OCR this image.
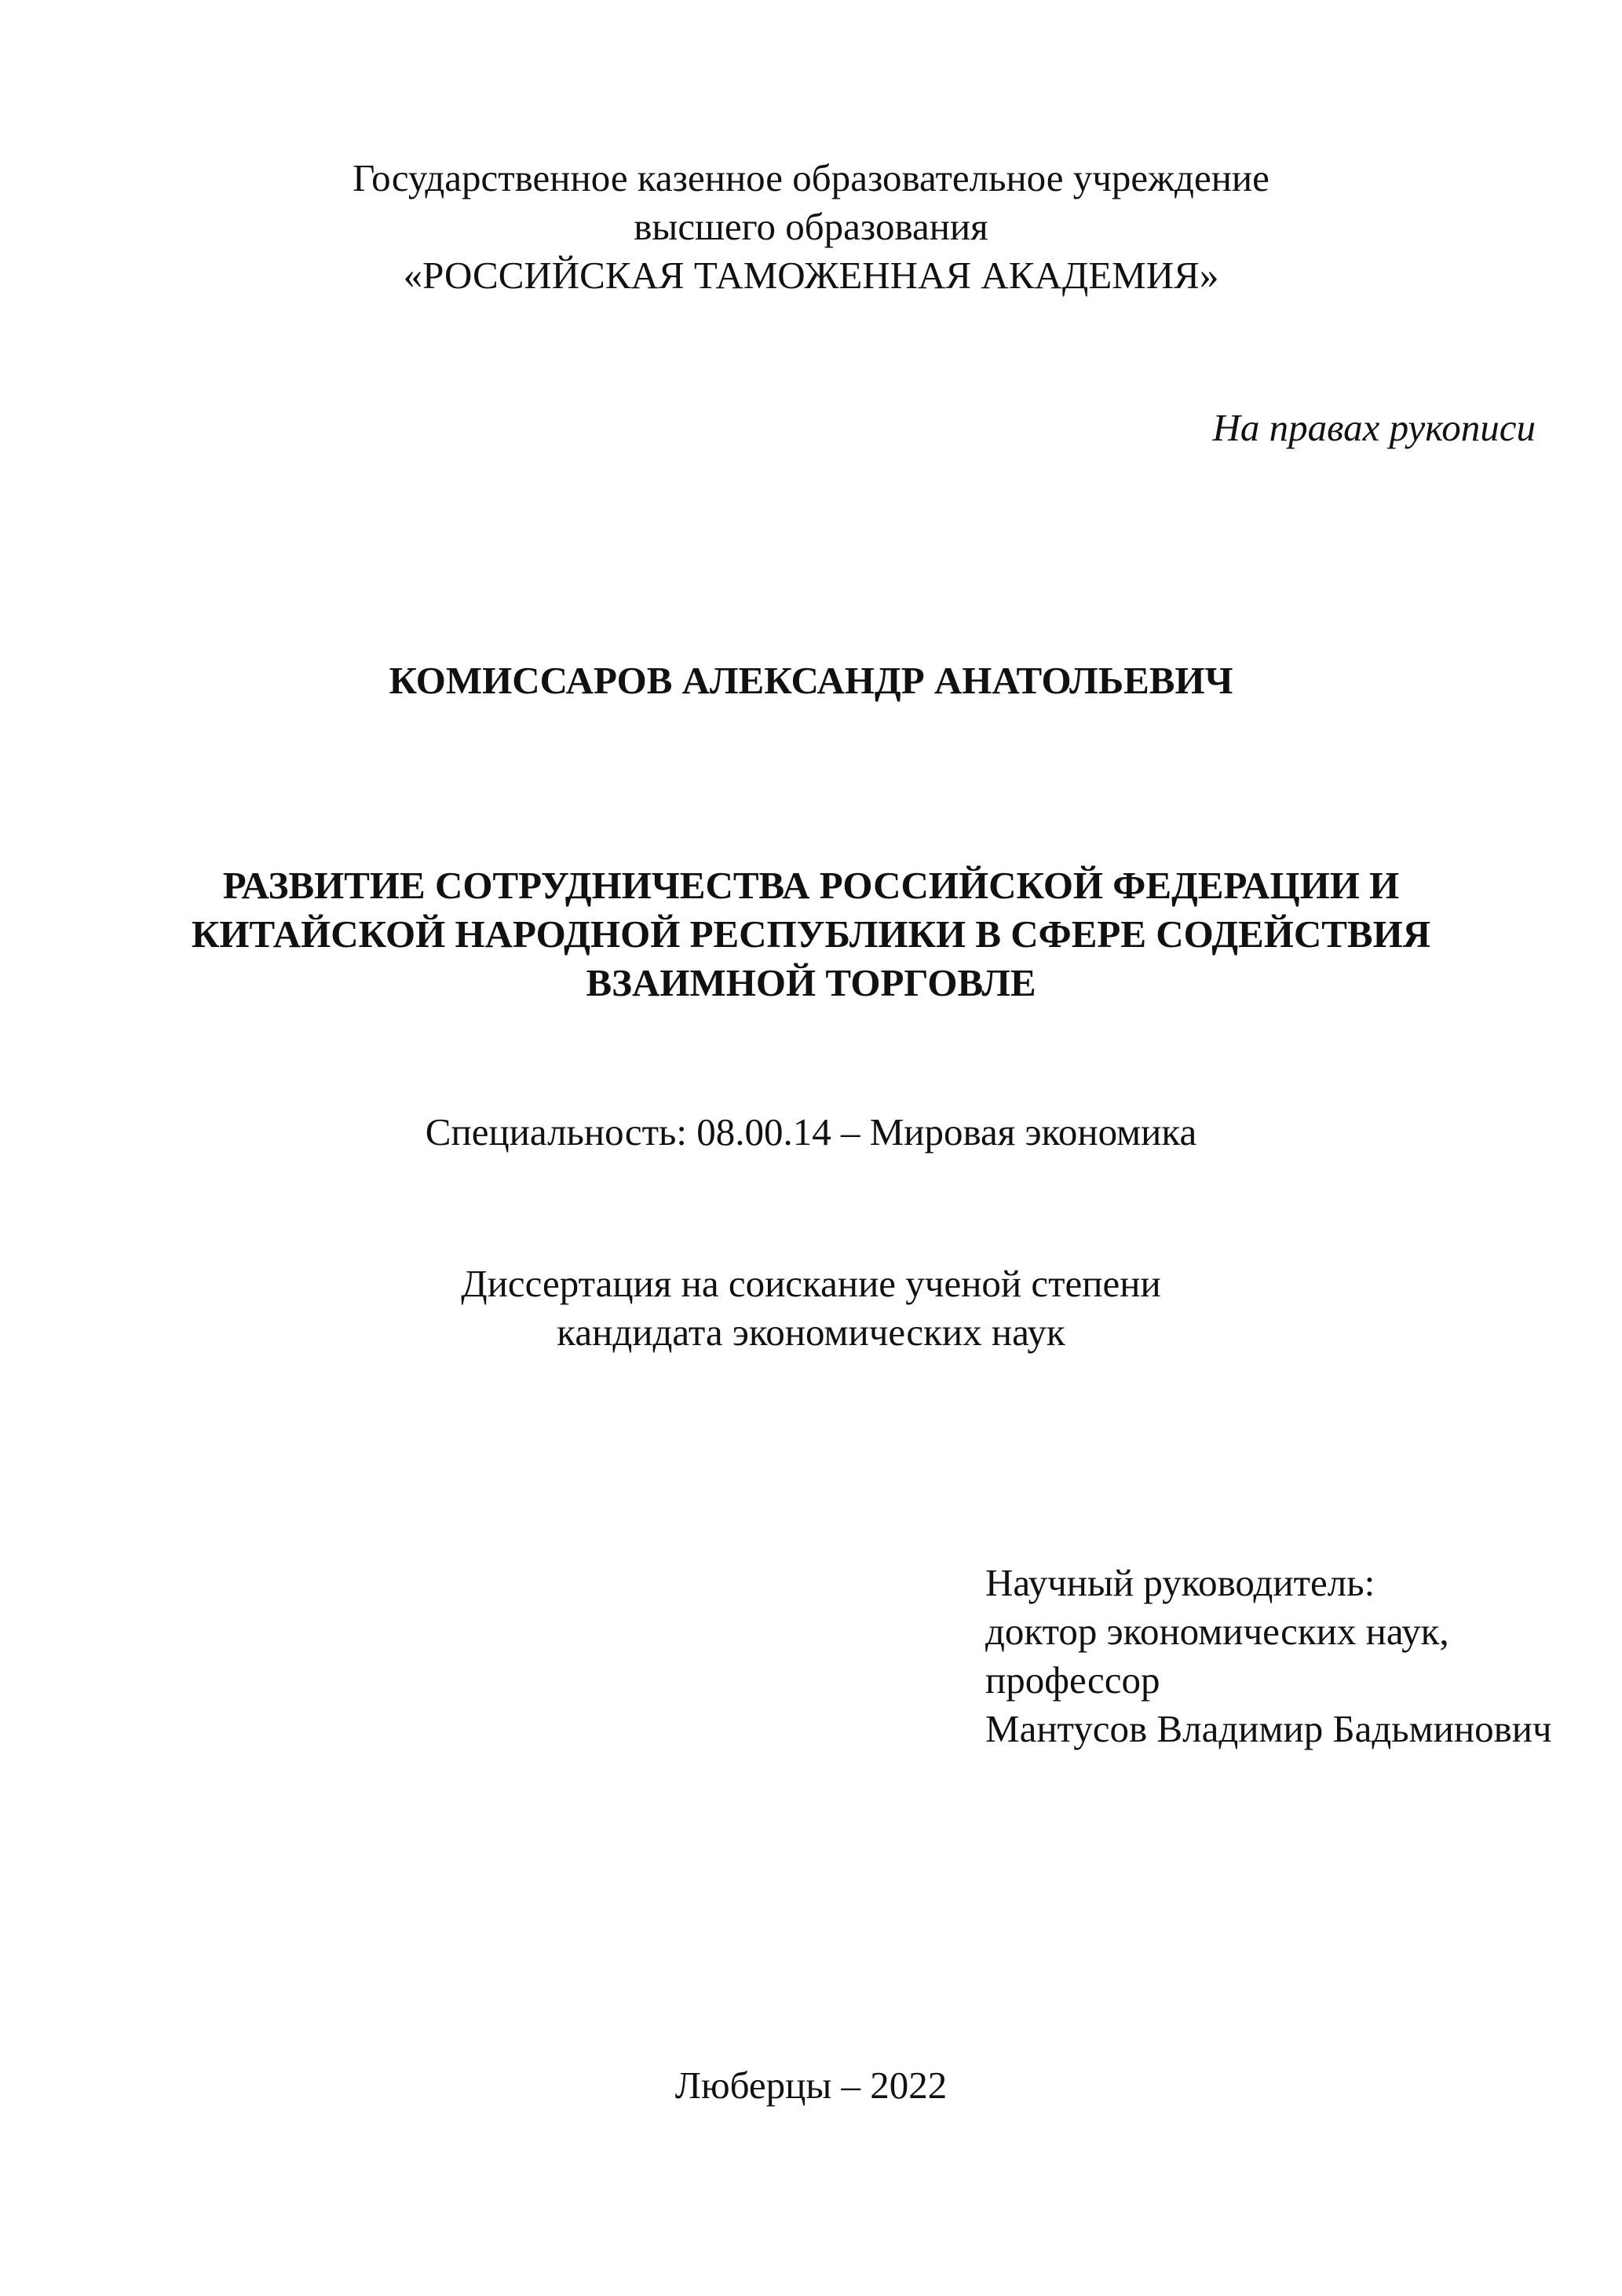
Государственное казенное образовательное учреждение
высшего образования
«РОССИЙСКАЯ ТАМОЖЕННАЯ АКАДЕМИЯ»
На правах рукописи
КОМИССАРОВ АЛЕКСАНДР АНАТОЛЬЕВИЧ
РАЗВИТИЕ СОТРУДНИЧЕСТВА РОССИЙСКОЙ ФЕДЕРАЦИИ И
КИТАЙСКОЙ НАРОДНОЙ РЕСПУБЛИКИ В СФЕРЕ СОДЕЙСТВИЯ
ВЗАИМНОЙ ТОРГОВЛЕ
Специальность: 08.00.14 – Мировая экономика
Диссертация на соискание ученой степени
кандидата экономических наук
Научный руководитель:
доктор экономических наук,
профессор
Мантусов Владимир Бадьминович
Люберцы – 2022
